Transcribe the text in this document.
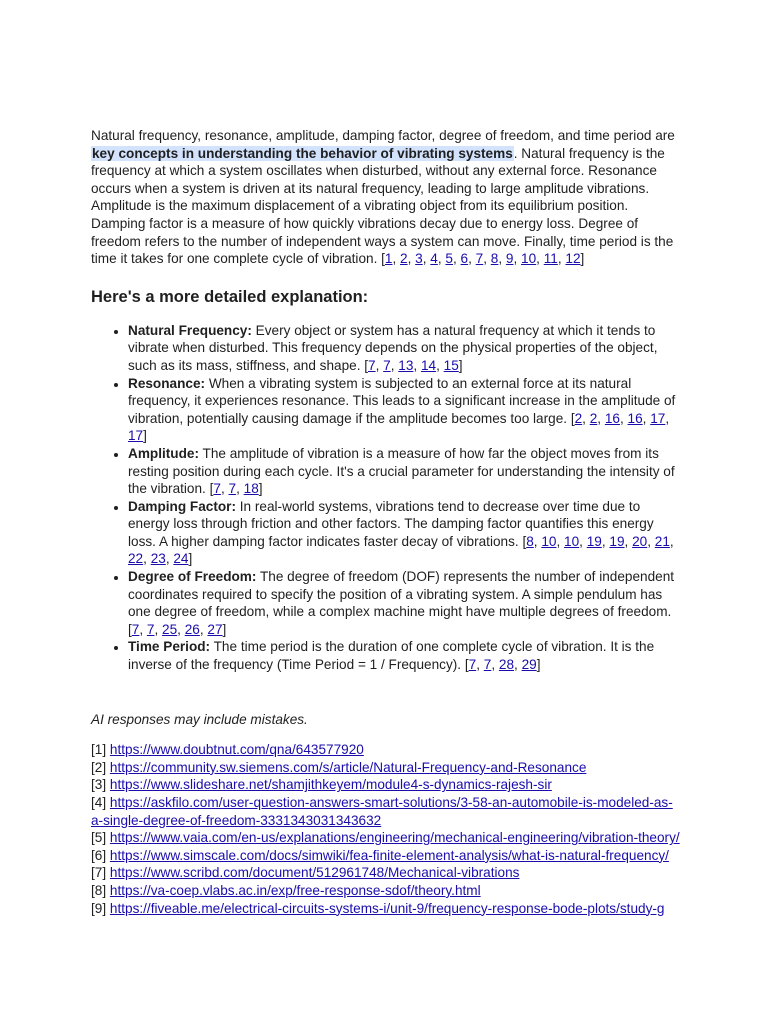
Natural frequency, resonance, amplitude, damping factor, degree of freedom, and time period are key concepts in understanding the behavior of vibrating systems. Natural frequency is the frequency at which a system oscillates when disturbed, without any external force. Resonance occurs when a system is driven at its natural frequency, leading to large amplitude vibrations. Amplitude is the maximum displacement of a vibrating object from its equilibrium position. Damping factor is a measure of how quickly vibrations decay due to energy loss. Degree of freedom refers to the number of independent ways a system can move. Finally, time period is the time it takes for one complete cycle of vibration. [1, 2, 3, 4, 5, 6, 7, 8, 9, 10, 11, 12]

Here's a more detailed explanation:
• Natural Frequency: Every object or system has a natural frequency at which it tends to vibrate when disturbed. This frequency depends on the physical properties of the object, such as its mass, stiffness, and shape. [7, 7, 13, 14, 15]
• Resonance: When a vibrating system is subjected to an external force at its natural frequency, it experiences resonance. This leads to a significant increase in the amplitude of vibration, potentially causing damage if the amplitude becomes too large. [2, 2, 16, 16, 17, 17]
• Amplitude: The amplitude of vibration is a measure of how far the object moves from its resting position during each cycle. It's a crucial parameter for understanding the intensity of the vibration. [7, 7, 18]
• Damping Factor: In real-world systems, vibrations tend to decrease over time due to energy loss through friction and other factors. The damping factor quantifies this energy loss. A higher damping factor indicates faster decay of vibrations. [8, 10, 10, 19, 19, 20, 21, 22, 23, 24]
• Degree of Freedom: The degree of freedom (DOF) represents the number of independent coordinates required to specify the position of a vibrating system. A simple pendulum has one degree of freedom, while a complex machine might have multiple degrees of freedom. [7, 7, 25, 26, 27]
• Time Period: The time period is the duration of one complete cycle of vibration. It is the inverse of the frequency (Time Period = 1 / Frequency). [7, 7, 28, 29]

AI responses may include mistakes.

[1] https://www.doubtnut.com/qna/643577920
[2] https://community.sw.siemens.com/s/article/Natural-Frequency-and-Resonance
[3] https://www.slideshare.net/shamjithkeyem/module4-s-dynamics-rajesh-sir
[4] https://askfilo.com/user-question-answers-smart-solutions/3-58-an-automobile-is-modeled-as-a-single-degree-of-freedom-333134303134363​2
[5] https://www.vaia.com/en-us/explanations/engineering/mechanical-engineering/vibration-theory/
[6] https://www.simscale.com/docs/simwiki/fea-finite-element-analysis/what-is-natural-frequency/
[7] https://www.scribd.com/document/512961748/Mechanical-vibrations
[8] https://va-coep.vlabs.ac.in/exp/free-response-sdof/theory.html
[9] https://fiveable.me/electrical-circuits-systems-i/unit-9/frequency-response-bode-plots/study-g
